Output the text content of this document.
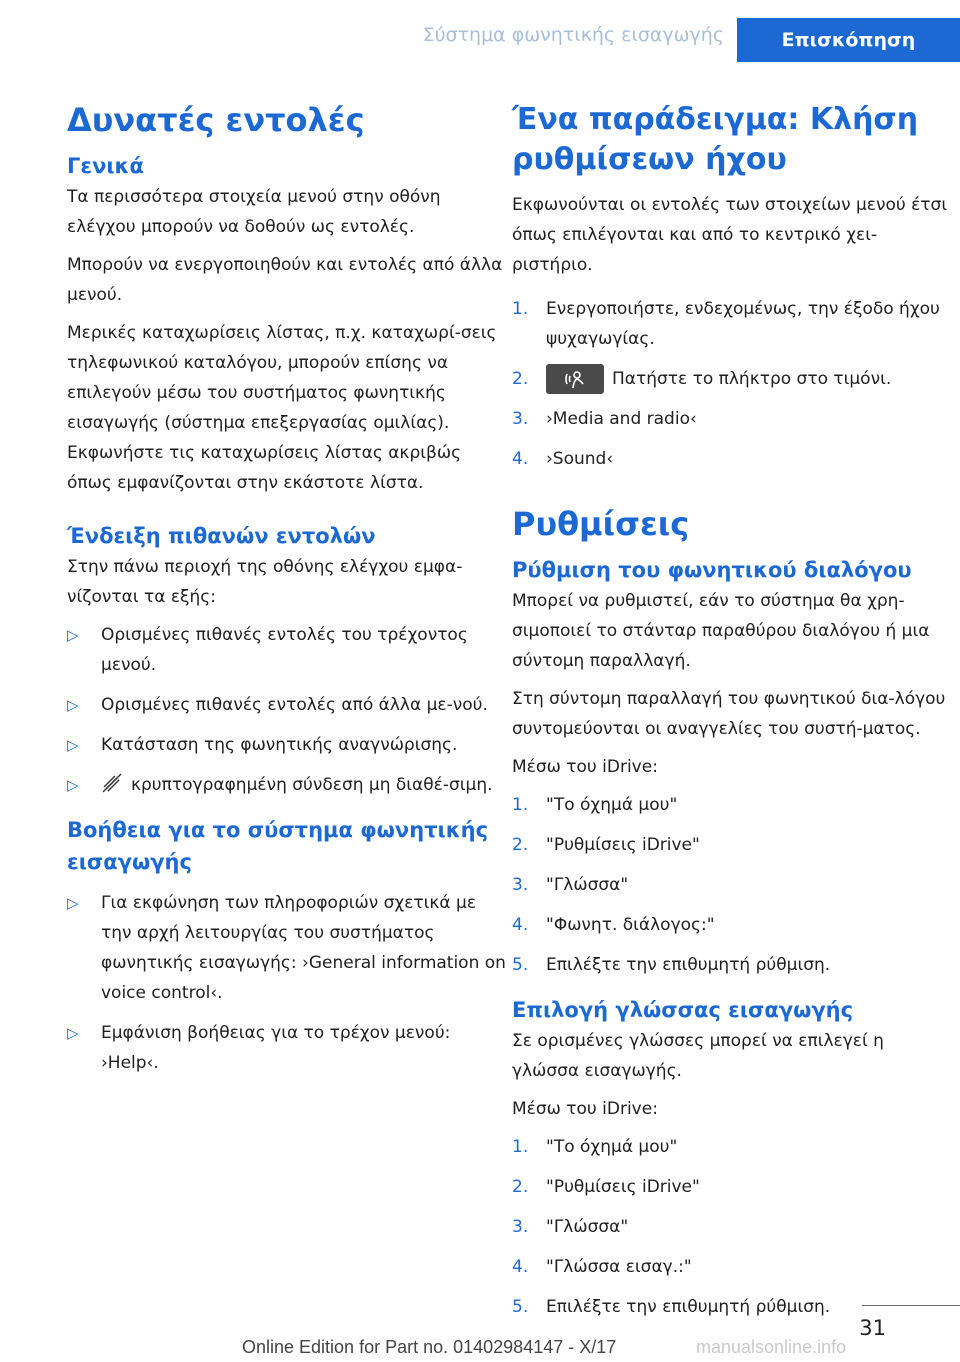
Σύστημα φωνητικής εισαγωγής	Επισκόπηση
Δυνατές εντολές
Γενικά

Τα περισσότερα στοιχεία μενού στην οθόνη ελέγχου μπορούν να δοθούν ως εντολές.

Μπορούν να ενεργοποιηθούν και εντολές από άλλα μενού.

Μερικές καταχωρίσεις λίστας, π.χ. καταχωρί‐σεις τηλεφωνικού καταλόγου, μπορούν επίσης να επιλεγούν μέσω του συστήματος φωνητικής εισαγωγής (σύστημα επεξεργασίας ομιλίας). Εκφωνήστε τις καταχωρίσεις λίστας ακριβώς όπως εμφανίζονται στην εκάστοτε λίστα.

Ένδειξη πιθανών εντολών

Στην πάνω περιοχή της οθόνης ελέγχου εμφα‐νίζονται τα εξής:

▷ Ορισμένες πιθανές εντολές του τρέχοντος μενού.
▷ Ορισμένες πιθανές εντολές από άλλα με‐νού.
▷ Κατάσταση της φωνητικής αναγνώρισης.
▷	κρυπτογραφημένη σύνδεση μη διαθέ‐σιμη.
Βοήθεια για το σύστημα φωνητικής εισαγωγής
▷ Για εκφώνηση των πληροφοριών σχετικά με την αρχή λειτουργίας του συστήματος φωνητικής εισαγωγής: ›General information on voice control‹.
▷ Εμφάνιση βοήθειας για το τρέχον μενού: ›Help‹.
Ένα παράδειγμα: Κλήση ρυθμίσεων ήχου

Εκφωνούνται οι εντολές των στοιχείων μενού έτσι όπως επιλέγονται και από το κεντρικό χει‐ριστήριο.

1. Ενεργοποιήστε, ενδεχομένως, την έξοδο ήχου ψυχαγωγίας.
2.	Πατήστε το πλήκτρο στο τιμόνι.
3. ›Media and radio‹
4. ›Sound‹
Ρυθμίσεις
Ρύθμιση του φωνητικού διαλόγου

Μπορεί να ρυθμιστεί, εάν το σύστημα θα χρη‐σιμοποιεί το στάνταρ παραθύρου διαλόγου ή μια σύντομη παραλλαγή.

Στη σύντομη παραλλαγή του φωνητικού δια‐λόγου συντομεύονται οι αναγγελίες του συστή‐ματος.

Μέσω του iDrive:

1. "Το όχημά μου"
2. "Ρυθμίσεις iDrive"
3. "Γλώσσα"
4. "Φωνητ. διάλογος:"
5. Επιλέξτε την επιθυμητή ρύθμιση.
Επιλογή γλώσσας εισαγωγής

Σε ορισμένες γλώσσες μπορεί να επιλεγεί η γλώσσα εισαγωγής.

Μέσω του iDrive:

1. "Το όχημά μου"
2. "Ρυθμίσεις iDrive"
3. "Γλώσσα"
4. "Γλώσσα εισαγ.:"
5. Επιλέξτε την επιθυμητή ρύθμιση.
31
Online Edition for Part no. 01402984147 - X/17	manualsonline.info
